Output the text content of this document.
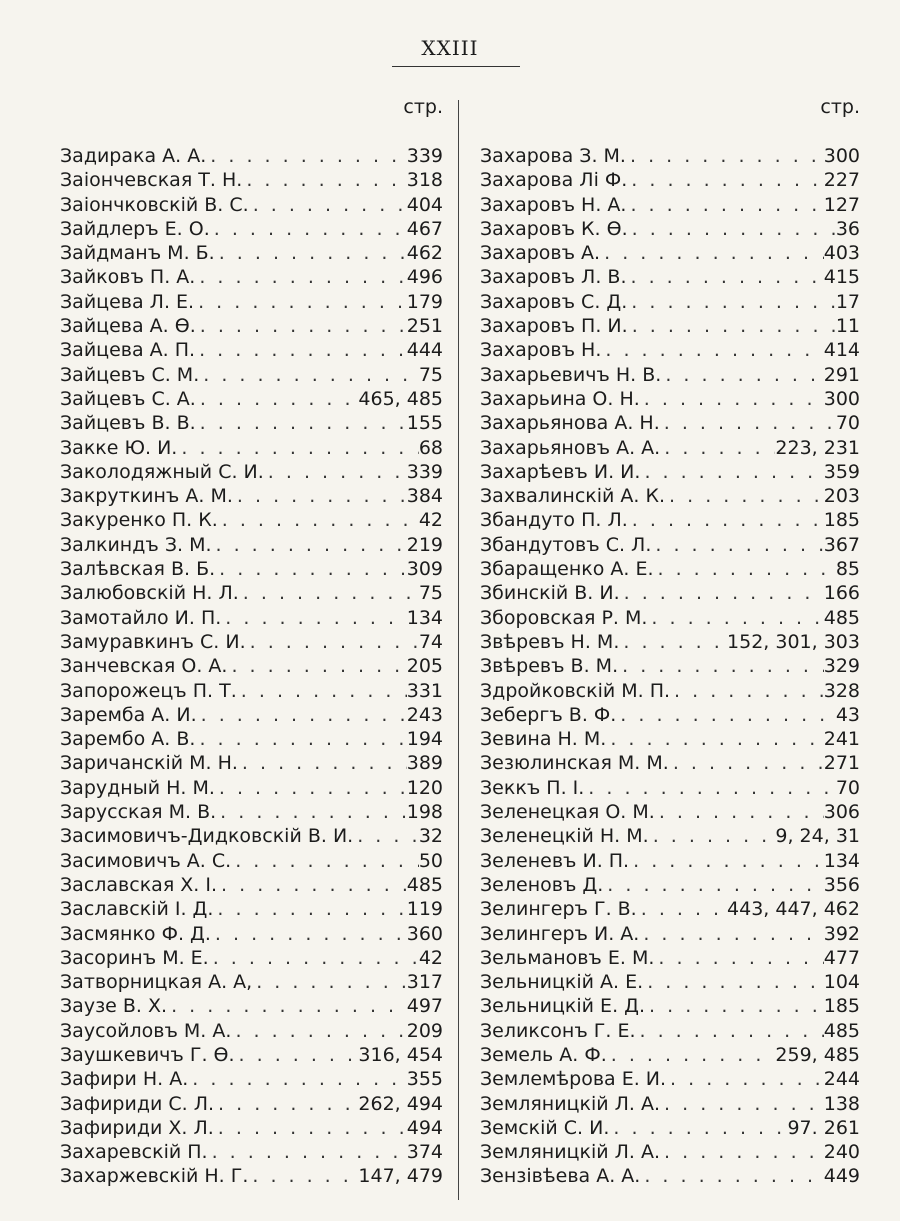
XXIII
стр.
Задирака А. А. . . .	339
Заіончевская Т. Н. . . .	318
Заіончковскій В. С. . . .	404
Зайдлеръ Е. О. . . .	467
Зайдманъ М. Б. . . .	462
Зайковъ П. А. . . .	496
Зайцева Л. Е. . . .	179
Зайцева А. Ѳ. . . .	251
Зайцева А. П. . . .	444
Зайцевъ С. М. . . .	75
Зайцевъ С. А. . . .	465, 485
Зайцевъ В. В. . . .	155
Закке Ю. И. . . .	68
Заколодяжный С. И. . . .	339
Закруткинъ А. М. . . .	384
Закуренко П. К. . . .	42
Залкиндъ З. М. . . .	219
Залѣвская В. Б. . . .	309
Залюбовскій Н. Л. . . .	75
Замотайло И. П. . . .	134
Замуравкинъ С. И. . . .	74
Занчевская О. А. . . .	205
Запорожецъ П. Т. . . .	331
Заремба А. И. . . .	243
Зарембо А. В. . . .	194
Заричанскій М. Н. . . .	389
Зарудный Н. М. . . .	120
Зарусская М. В. . . .	198
Засимовичъ-Дидковскій В. И. . . .	32
Засимовичъ А. С. . . .	50
Заславская Х. I. . . .	485
Заславскій I. Д. . . .	119
Засмянко Ф. Д. . . .	360
Засоринъ М. Е. . . .	42
Затворницкая А. А, . . .	317
Заузе В. Х. . . .	497
Заусойловъ М. А. . . .	209
Заушкевичъ Г. Ѳ. . . .	316, 454
Зафири Н. А. . . .	355
Зафириди С. Л. . . .	262, 494
Зафириди Х. Л. . . .	494
Захаревскій П. . . .	374
Захаржевскій Н. Г. . . .	147, 479
стр.
Захарова З. М. . . .	300
Захарова Лі Ф. . . .	227
Захаровъ Н. А. . . .	127
Захаровъ К. Ѳ. . . .	36
Захаровъ А. . . .	403
Захаровъ Л. В. . . .	415
Захаровъ С. Д. . . .	17
Захаровъ П. И. . . .	11
Захаровъ Н. . . .	414
Захарьевичъ Н. В. . . .	291
Захарьина О. Н. . . .	300
Захарьянова А. Н. . . .	70
Захарьяновъ А. А. . . .	223, 231
Захарѣевъ И. И. . . .	359
Захвалинскій А. К. . . .	203
Збандуто П. Л. . . .	185
Збандутовъ С. Л. . . .	367
Збаращенко А. Е. . . .	85
Збинскій В. И. . . .	166
Зборовская Р. М. . . .	485
Звѣревъ Н. М. . . .	152, 301, 303
Звѣревъ В. М. . . .	329
Здройковскій М. П. . . .	328
Зебергъ В. Ф. . . .	43
Зевина Н. М. . . .	241
Зезюлинская М. М. . . .	271
Зеккъ П. I. . . .	70
Зеленецкая О. М. . . .	306
Зеленецкій Н. М. . . .	9, 24, 31
Зеленевъ И. П. . . .	134
Зеленовъ Д. . . .	356
Зелингеръ Г. В. . . .	443, 447, 462
Зелингеръ И. А. . . .	392
Зельмановъ Е. М. . . .	477
Зельницкій А. Е. . . .	104
Зельницкій Е. Д. . . .	185
Зеликсонъ Г. Е. . . .	485
Земель А. Ф. . . .	259, 485
Землемѣрова Е. И. . . .	244
Земляницкій Л. А. . . .	138
Земскій С. И. . . .	97. 261
Земляницкій Л. А. . . .	240
Зензівѣева А. А. . . .	449
